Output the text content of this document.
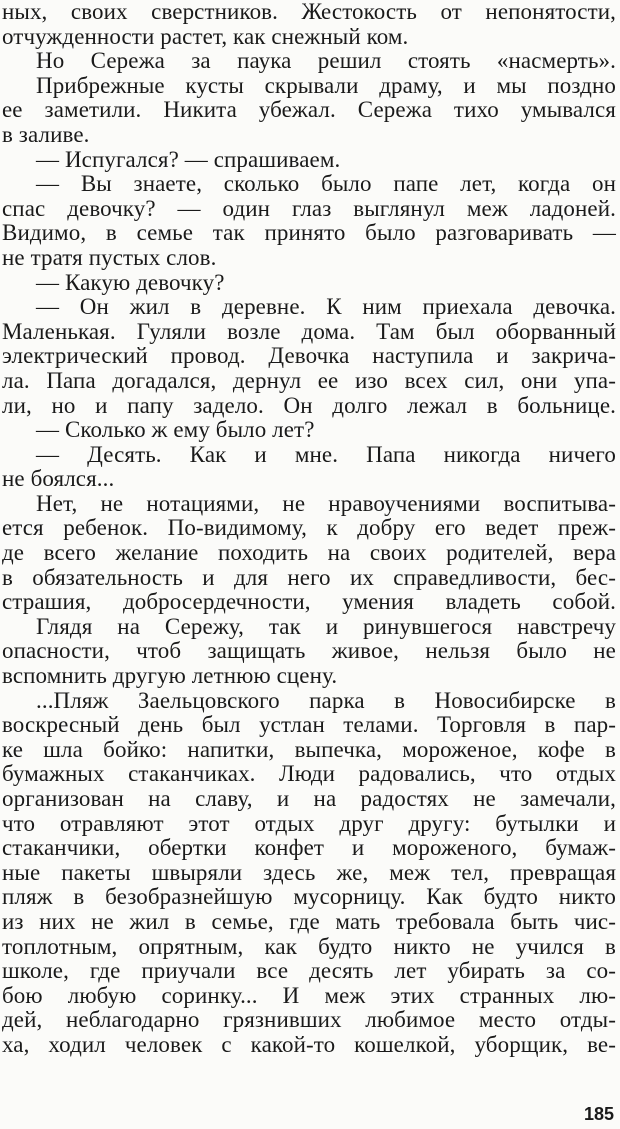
ных, своих сверстников. Жестокость от непонятости,
отчужденности растет, как снежный ком.
Но Сережа за паука решил стоять «насмерть».
Прибрежные кусты скрывали драму, и мы поздно
ее заметили. Никита убежал. Сережа тихо умывался
в заливе.
— Испугался? — спрашиваем.
— Вы знаете, сколько было папе лет, когда он
спас девочку? — один глаз выглянул меж ладоней.
Видимо, в семье так принято было разговаривать —
не тратя пустых слов.
— Какую девочку?
— Он жил в деревне. К ним приехала девочка.
Маленькая. Гуляли возле дома. Там был оборванный
электрический провод. Девочка наступила и закрича-
ла. Папа догадался, дернул ее изо всех сил, они упа-
ли, но и папу задело. Он долго лежал в больнице.
— Сколько ж ему было лет?
— Десять. Как и мне. Папа никогда ничего
не боялся...
Нет, не нотациями, не нравоучениями воспитыва-
ется ребенок. По-видимому, к добру его ведет преж-
де всего желание походить на своих родителей, вера
в обязательность и для него их справедливости, бес-
страшия, добросердечности, умения владеть собой.
Глядя на Сережу, так и ринувшегося навстречу
опасности, чтоб защищать живое, нельзя было не
вспомнить другую летнюю сцену.
...Пляж Заельцовского парка в Новосибирске в
воскресный день был устлан телами. Торговля в пар-
ке шла бойко: напитки, выпечка, мороженое, кофе в
бумажных стаканчиках. Люди радовались, что отдых
организован на славу, и на радостях не замечали,
что отравляют этот отдых друг другу: бутылки и
стаканчики, обертки конфет и мороженого, бумаж-
ные пакеты швыряли здесь же, меж тел, превращая
пляж в безобразнейшую мусорницу. Как будто никто
из них не жил в семье, где мать требовала быть чис-
топлотным, опрятным, как будто никто не учился в
школе, где приучали все десять лет убирать за со-
бою любую соринку... И меж этих странных лю-
дей, неблагодарно грязнивших любимое место отды-
ха, ходил человек с какой-то кошелкой, уборщик, ве-
185
